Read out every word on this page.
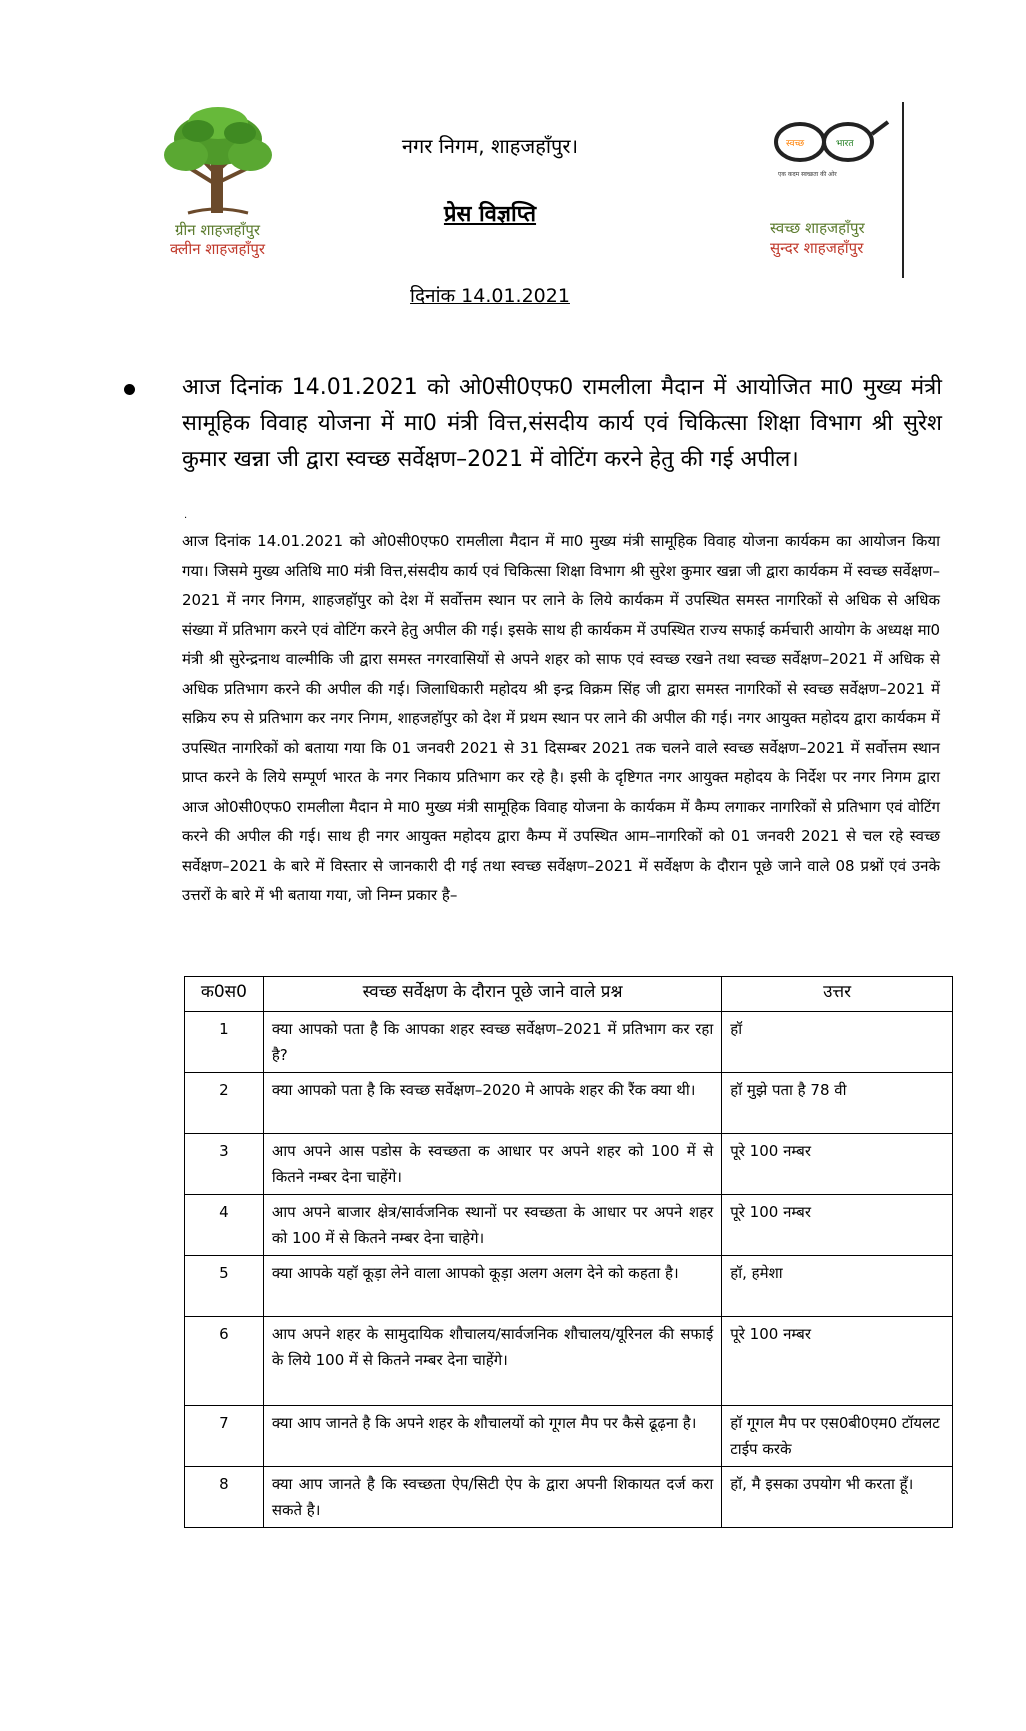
ग्रीन शाहजहाँपुर
क्लीन शाहजहाँपुर
नगर निगम, शाहजहाँपुर।
प्रेस विज्ञप्ति
दिनांक 14.01.2021
स्वच्छ	भारत
एक कदम स्वच्छता की ओर
स्वच्छ शाहजहाँपुर
सुन्दर शाहजहाँपुर
आज दिनांक 14.01.2021 को ओ0सी0एफ0 रामलीला मैदान में आयोजित मा0 मुख्य मंत्री सामूहिक विवाह योजना में मा0 मंत्री वित्त,संसदीय कार्य एवं चिकित्सा शिक्षा विभाग श्री सुरेश कुमार खन्ना जी द्वारा स्वच्छ सर्वेक्षण–2021 में वोटिंग करने हेतु की गई अपील।
.
आज दिनांक 14.01.2021 को ओ0सी0एफ0 रामलीला मैदान में मा0 मुख्य मंत्री सामूहिक विवाह योजना कार्यकम का आयोजन किया गया। जिसमे मुख्य अतिथि मा0 मंत्री वित्त,संसदीय कार्य एवं चिकित्सा शिक्षा विभाग श्री सुरेश कुमार खन्ना जी द्वारा कार्यकम में स्वच्छ सर्वेक्षण–2021 में नगर निगम, शाहजहॉपुर को देश में सर्वोत्तम स्थान पर लाने के लिये कार्यकम में उपस्थित समस्त नागरिकों से अधिक से अधिक संख्या में प्रतिभाग करने एवं वोटिंग करने हेतु अपील की गई। इसके साथ ही कार्यकम में उपस्थित राज्य सफाई कर्मचारी आयोग के अध्यक्ष मा0 मंत्री श्री सुरेन्द्रनाथ वाल्मीकि जी द्वारा समस्त नगरवासियों से अपने शहर को साफ एवं स्वच्छ रखने तथा स्वच्छ सर्वेक्षण–2021 में अधिक से अधिक प्रतिभाग करने की अपील की गई। जिलाधिकारी महोदय श्री इन्द्र विक्रम सिंह जी द्वारा समस्त नागरिकों से स्वच्छ सर्वेक्षण–2021 में सक्रिय रुप से प्रतिभाग कर नगर निगम, शाहजहॉपुर को देश में प्रथम स्थान पर लाने की अपील की गई। नगर आयुक्त महोदय द्वारा कार्यकम में उपस्थित नागरिकों को बताया गया कि 01 जनवरी 2021 से 31 दिसम्बर 2021 तक चलने वाले स्वच्छ सर्वेक्षण–2021 में सर्वोत्तम स्थान प्राप्त करने के लिये सम्पूर्ण भारत के नगर निकाय प्रतिभाग कर रहे है। इसी के दृष्टिगत नगर आयुक्त महोदय के निर्देश पर नगर निगम द्वारा आज ओ0सी0एफ0 रामलीला मैदान मे मा0 मुख्य मंत्री सामूहिक विवाह योजना के कार्यकम में कैम्प लगाकर नागरिकों से प्रतिभाग एवं वोटिंग करने की अपील की गई। साथ ही नगर आयुक्त महोदय द्वारा कैम्प में उपस्थित आम–नागरिकों को 01 जनवरी 2021 से चल रहे स्वच्छ सर्वेक्षण–2021 के बारे में विस्तार से जानकारी दी गई तथा स्वच्छ सर्वेक्षण–2021 में सर्वेक्षण के दौरान पूछे जाने वाले 08 प्रश्नों एवं उनके उत्तरों के बारे में भी बताया गया, जो निम्न प्रकार है–
क0स0	स्वच्छ सर्वेक्षण के दौरान पूछे जाने वाले प्रश्न	उत्तर
1	क्या आपको पता है कि आपका शहर स्वच्छ सर्वेक्षण–2021 में प्रतिभाग कर रहा है?	हॉ
2	क्या आपको पता है कि स्वच्छ सर्वेक्षण–2020 मे आपके शहर की रैंक क्या थी।	हॉ मुझे पता है 78 वी
3	आप अपने आस पडोस के स्वच्छता क आधार पर अपने शहर को 100 में से कितने नम्बर देना चाहेंगे।	पूरे 100 नम्बर
4	आप अपने बाजार क्षेत्र/सार्वजनिक स्थानों पर स्वच्छता के आधार पर अपने शहर को 100 में से कितने नम्बर देना चाहेगे।	पूरे 100 नम्बर
5	क्या आपके यहॉ कूड़ा लेने वाला आपको कूड़ा अलग अलग देने को कहता है।	हॉ, हमेशा
6	आप अपने शहर के सामुदायिक शौचालय/सार्वजनिक शौचालय/यूरिनल की सफाई के लिये 100 में से कितने नम्बर देना चाहेंगे।	पूरे 100 नम्बर
7	क्या आप जानते है कि अपने शहर के शौचालयों को गूगल मैप पर कैसे ढूढ़ना है।	हॉ गूगल मैप पर एस0बी0एम0 टॉयलट टाईप करके
8	क्या आप जानते है कि स्वच्छता ऐप/सिटी ऐप के द्वारा अपनी शिकायत दर्ज करा सकते है।	हॉ, मै इसका उपयोग भी करता हूँ।
